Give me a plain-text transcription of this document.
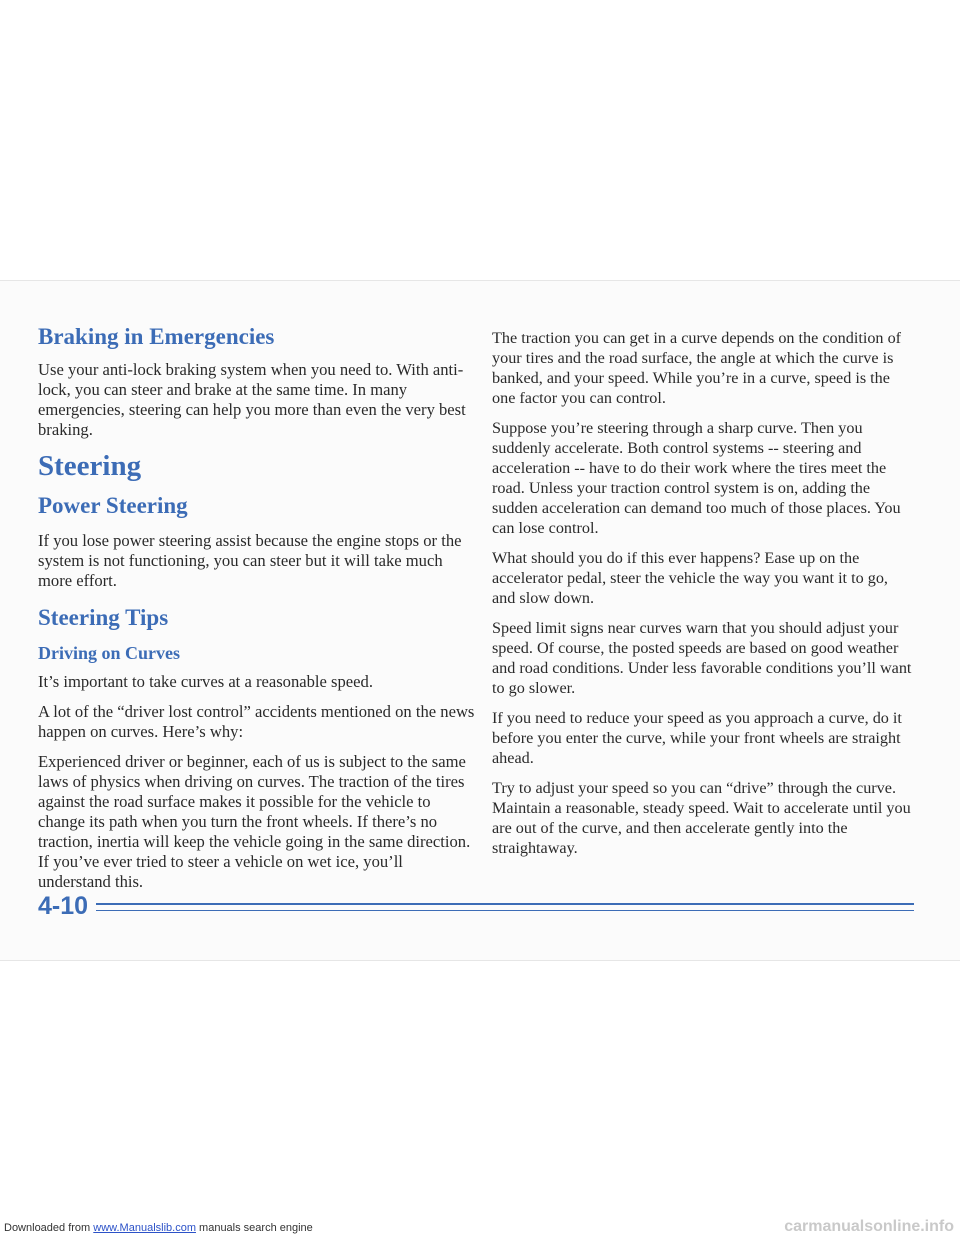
Braking in Emergencies

Use your anti-lock braking system when you need to. With anti-lock, you can steer and brake at the same time. In many emergencies, steering can help you more than even the very best braking.

Steering
Power Steering

If you lose power steering assist because the engine stops or the system is not functioning, you can steer but it will take much more effort.

Steering Tips
Driving on Curves

It’s important to take curves at a reasonable speed.

A lot of the “driver lost control” accidents mentioned on the news happen on curves. Here’s why:

Experienced driver or beginner, each of us is subject to the same laws of physics when driving on curves. The traction of the tires against the road surface makes it possible for the vehicle to change its path when you turn the front wheels. If there’s no traction, inertia will keep the vehicle going in the same direction. If you’ve ever tried to steer a vehicle on wet ice, you’ll understand this.

The traction you can get in a curve depends on the condition of your tires and the road surface, the angle at which the curve is banked, and your speed. While you’re in a curve, speed is the one factor you can control.

Suppose you’re steering through a sharp curve. Then you suddenly accelerate. Both control systems -- steering and acceleration -- have to do their work where the tires meet the road. Unless your traction control system is on, adding the sudden acceleration can demand too much of those places. You can lose control.

What should you do if this ever happens? Ease up on the accelerator pedal, steer the vehicle the way you want it to go, and slow down.

Speed limit signs near curves warn that you should adjust your speed. Of course, the posted speeds are based on good weather and road conditions. Under less favorable conditions you’ll want to go slower.

If you need to reduce your speed as you approach a curve, do it before you enter the curve, while your front wheels are straight ahead.

Try to adjust your speed so you can “drive” through the curve. Maintain a reasonable, steady speed. Wait to accelerate until you are out of the curve, and then accelerate gently into the straightaway.

4-10
Downloaded from www.Manualslib.com manuals search engine	carmanualsonline.info
